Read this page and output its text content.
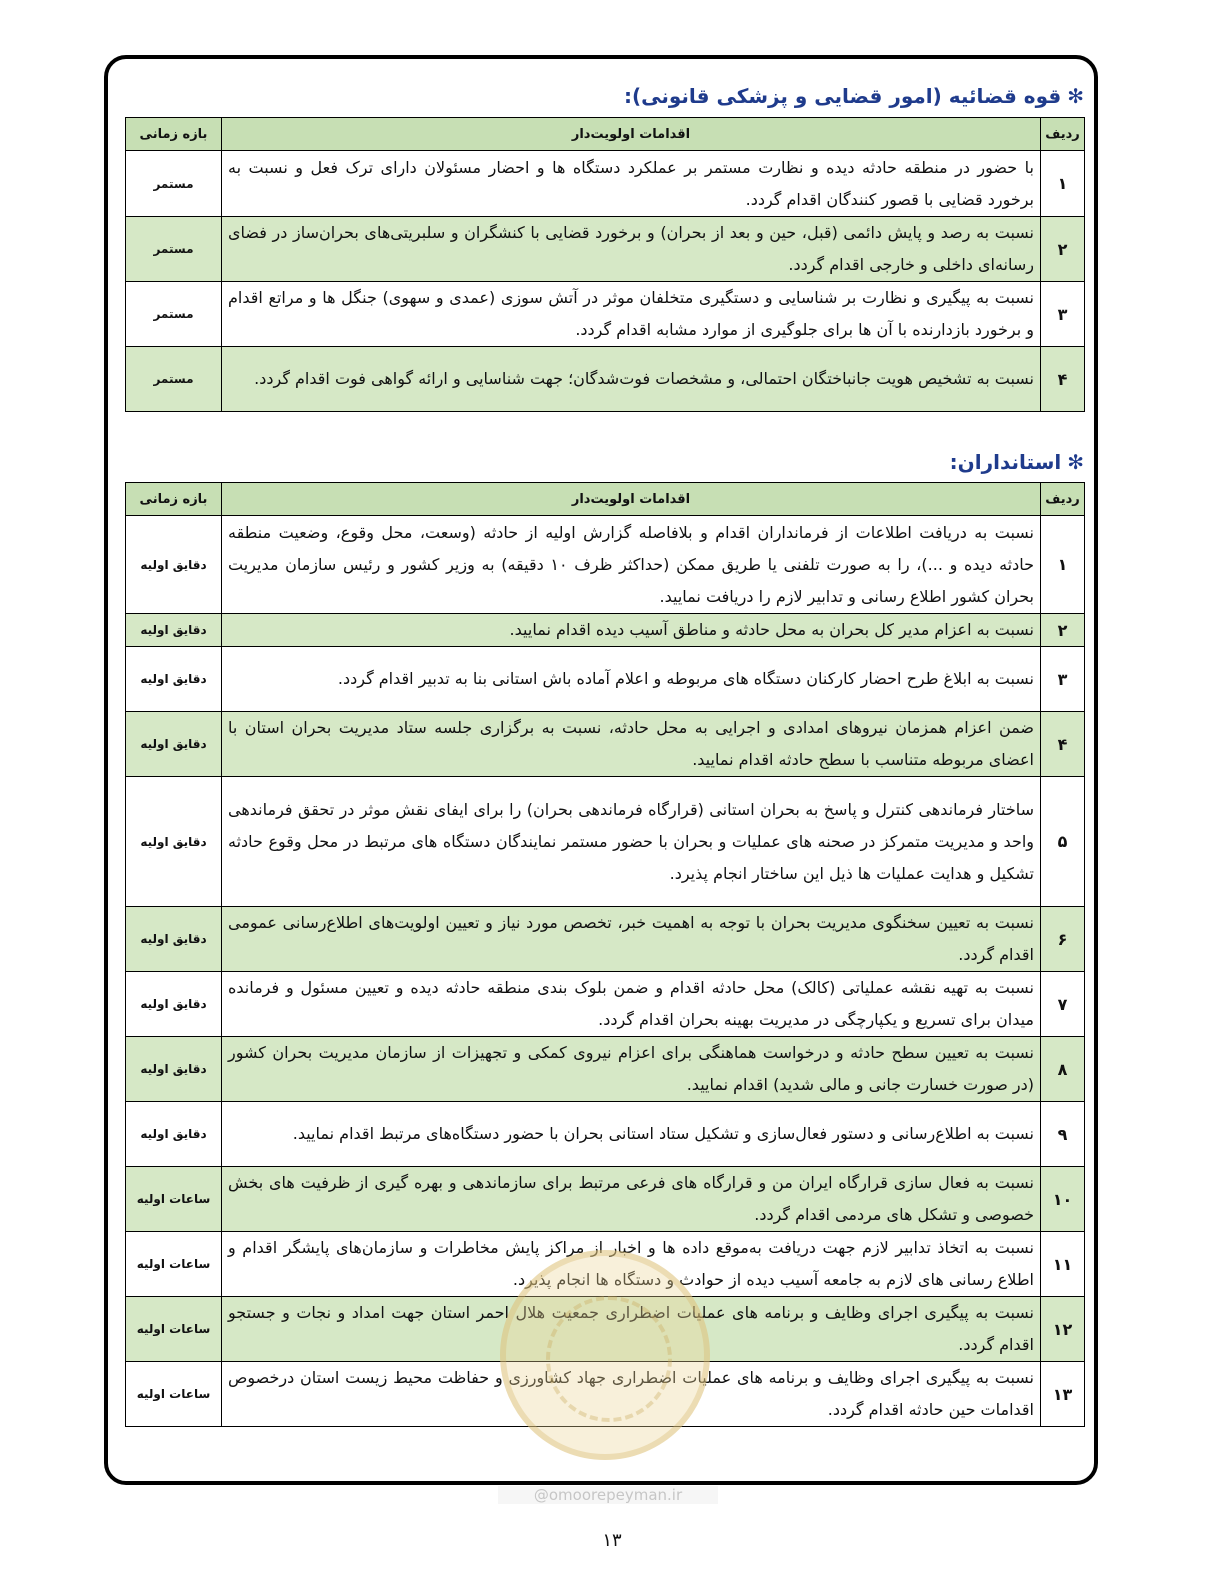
✻قوه قضائیه (امور قضایی و پزشکی قانونی):
ردیف	اقدامات اولویت‌دار	بازه زمانی
۱	با حضور در منطقه حادثه دیده و نظارت مستمر بر عملکرد دستگاه ها و احضار مسئولان دارای ترک فعل و نسبت به برخورد قضایی با قصور کنندگان اقدام گردد.	مستمر
۲	نسبت به رصد و پایش دائمی (قبل، حین و بعد از بحران) و برخورد قضایی با کنشگران و سلبریتی‌های بحران‌ساز در فضای رسانه‌ای داخلی و خارجی اقدام گردد.	مستمر
۳	نسبت به پیگیری و نظارت بر شناسایی و دستگیری متخلفان موثر در آتش سوزی (عمدی و سهوی) جنگل ها و مراتع اقدام و برخورد بازدارنده با آن ها برای جلوگیری از موارد مشابه اقدام گردد.	مستمر
۴	نسبت به تشخیص هویت جانباختگان احتمالی، و مشخصات فوت‌شدگان؛ جهت شناسایی و ارائه گواهی فوت اقدام گردد.	مستمر
✻استانداران:
ردیف	اقدامات اولویت‌دار	بازه زمانی
۱	نسبت به دریافت اطلاعات از فرمانداران اقدام و بلافاصله گزارش اولیه از حادثه (وسعت، محل وقوع، وضعیت منطقه حادثه دیده و ...)، را به صورت تلفنی یا طریق ممکن (حداکثر ظرف ۱۰ دقیقه) به وزیر کشور و رئیس سازمان مدیریت بحران کشور اطلاع رسانی و تدابیر لازم را دریافت نمایید.	دقایق اولیه
۲	نسبت به اعزام مدیر کل بحران به محل حادثه و مناطق آسیب دیده اقدام نمایید.	دقایق اولیه
۳	نسبت به ابلاغ طرح احضار کارکنان دستگاه های مربوطه و اعلام آماده باش استانی بنا به تدبیر اقدام گردد.	دقایق اولیه
۴	ضمن اعزام همزمان نیروهای امدادی و اجرایی به محل حادثه، نسبت به برگزاری جلسه ستاد مدیریت بحران استان با اعضای مربوطه متناسب با سطح حادثه اقدام نمایید.	دقایق اولیه
۵	ساختار فرماندهی کنترل و پاسخ به بحران استانی (قرارگاه فرماندهی بحران) را برای ایفای نقش موثر در تحقق فرماندهی واحد و مدیریت متمرکز در صحنه های عملیات و بحران با حضور مستمر نمایندگان دستگاه های مرتبط در محل وقوع حادثه تشکیل و هدایت عملیات ها ذیل این ساختار انجام پذیرد.	دقایق اولیه
۶	نسبت به تعیین سخنگوی مدیریت بحران با توجه به اهمیت خبر، تخصص مورد نیاز و تعیین اولویت‌های اطلاع‌رسانی عمومی اقدام گردد.	دقایق اولیه
۷	نسبت به تهیه نقشه عملیاتی (کالک) محل حادثه اقدام و ضمن بلوک بندی منطقه حادثه دیده و تعیین مسئول و فرمانده میدان برای تسریع و یکپارچگی در مدیریت بهینه بحران اقدام گردد.	دقایق اولیه
۸	نسبت به تعیین سطح حادثه و درخواست هماهنگی برای اعزام نیروی کمکی و تجهیزات از سازمان مدیریت بحران کشور (در صورت خسارت جانی و مالی شدید) اقدام نمایید.	دقایق اولیه
۹	نسبت به اطلاع‌رسانی و دستور فعال‌سازی و تشکیل ستاد استانی بحران با حضور دستگاه‌های مرتبط اقدام نمایید.	دقایق اولیه
۱۰	نسبت به فعال سازی قرارگاه ایران من و قرارگاه های فرعی مرتبط برای سازماندهی و بهره گیری از ظرفیت های بخش خصوصی و تشکل های مردمی اقدام گردد.	ساعات اولیه
۱۱	نسبت به اتخاذ تدابیر لازم جهت دریافت به‌موقع داده ها و اخبار از مراکز پایش مخاطرات و سازمان‌های پایشگر اقدام و اطلاع رسانی های لازم به جامعه آسیب دیده از حوادث و دستگاه ها انجام پذیرد.	ساعات اولیه
۱۲	نسبت به پیگیری اجرای وظایف و برنامه های عملیات اضطراری جمعیت هلال احمر استان جهت امداد و نجات و جستجو اقدام گردد.	ساعات اولیه
۱۳	نسبت به پیگیری اجرای وظایف و برنامه های عملیات اضطراری جهاد کشاورزی و حفاظت محیط زیست استان درخصوص اقدامات حین حادثه اقدام گردد.	ساعات اولیه
@omoorepeyman.ir
۱۳
